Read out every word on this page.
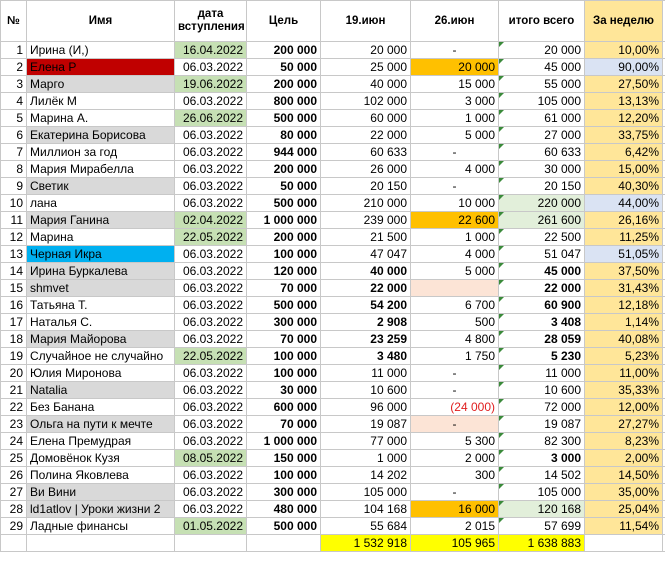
№	Имя	дата вступления	Цель	19.июн	26.июн	итого всего	За неделю	
1	Ирина (И,)	16.04.2022	200 000	20 000	-	20 000	10,00%	
2	Елена Р	06.03.2022	50 000	25 000	20 000	45 000	90,00%	
3	Марго	19.06.2022	200 000	40 000	15 000	55 000	27,50%	
4	Лилёк М	06.03.2022	800 000	102 000	3 000	105 000	13,13%	
5	Марина А.	26.06.2022	500 000	60 000	1 000	61 000	12,20%	
6	Екатерина Борисова	06.03.2022	80 000	22 000	5 000	27 000	33,75%	
7	Миллион за год	06.03.2022	944 000	60 633	-	60 633	6,42%	
8	Мария Мирабелла	06.03.2022	200 000	26 000	4 000	30 000	15,00%	
9	Светик	06.03.2022	50 000	20 150	-	20 150	40,30%	
10	лана	06.03.2022	500 000	210 000	10 000	220 000	44,00%	
11	Мария Ганина	02.04.2022	1 000 000	239 000	22 600	261 600	26,16%	
12	Марина	22.05.2022	200 000	21 500	1 000	22 500	11,25%	
13	Черная Икра	06.03.2022	100 000	47 047	4 000	51 047	51,05%	
14	Ирина Буркалева	06.03.2022	120 000	40 000	5 000	45 000	37,50%	
15	shmvet	06.03.2022	70 000	22 000		22 000	31,43%	
16	Татьяна Т.	06.03.2022	500 000	54 200	6 700	60 900	12,18%	
17	Наталья С.	06.03.2022	300 000	2 908	500	3 408	1,14%	
18	Мария Майорова	06.03.2022	70 000	23 259	4 800	28 059	40,08%	
19	Случайное не случайно	22.05.2022	100 000	3 480	1 750	5 230	5,23%	
20	Юлия Миронова	06.03.2022	100 000	11 000	-	11 000	11,00%	
21	Natalia	06.03.2022	30 000	10 600	-	10 600	35,33%	
22	Без Банана	06.03.2022	600 000	96 000	(24 000)	72 000	12,00%	
23	Ольга на пути к мечте	06.03.2022	70 000	19 087	-	19 087	27,27%	
24	Елена Премудрая	06.03.2022	1 000 000	77 000	5 300	82 300	8,23%	
25	Домовёнок Кузя	08.05.2022	150 000	1 000	2 000	3 000	2,00%	
26	Полина Яковлева	06.03.2022	100 000	14 202	300	14 502	14,50%	
27	Ви Вини	06.03.2022	300 000	105 000	-	105 000	35,00%	
28	ld1atlov | Уроки жизни 2	06.03.2022	480 000	104 168	16 000	120 168	25,04%	
29	Ладные финансы	01.05.2022	500 000	55 684	2 015	57 699	11,54%	
				1 532 918	105 965	1 638 883		
